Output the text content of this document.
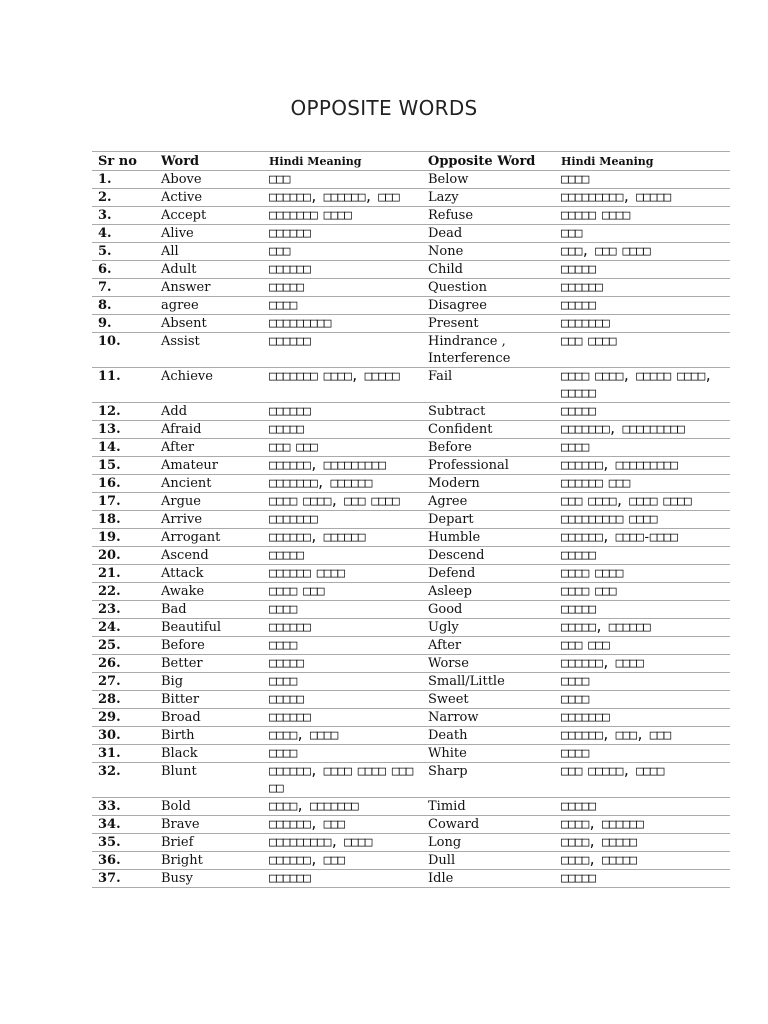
OPPOSITE WORDS
Sr no	Word	Hindi Meaning	Opposite Word	Hindi Meaning
1.	Above	□□□	Below	□□□□
2.	Active	□□□□□□, □□□□□□, □□□	Lazy	□□□□□□□□□, □□□□□
3.	Accept	□□□□□□□ □□□□	Refuse	□□□□□ □□□□
4.	Alive	□□□□□□	Dead	□□□
5.	All	□□□	None	□□□, □□□ □□□□
6.	Adult	□□□□□□	Child	□□□□□
7.	Answer	□□□□□	Question	□□□□□□
8.	agree	□□□□	Disagree	□□□□□
9.	Absent	□□□□□□□□□	Present	□□□□□□□
10.	Assist	□□□□□□	Hindrance , Interference	□□□ □□□□
11.	Achieve	□□□□□□□ □□□□, □□□□□	Fail	□□□□ □□□□, □□□□□ □□□□, □□□□□
12.	Add	□□□□□□	Subtract	□□□□□
13.	Afraid	□□□□□	Confident	□□□□□□□, □□□□□□□□□
14.	After	□□□ □□□	Before	□□□□
15.	Amateur	□□□□□□, □□□□□□□□□	Professional	□□□□□□, □□□□□□□□□
16.	Ancient	□□□□□□□, □□□□□□	Modern	□□□□□□ □□□
17.	Argue	□□□□ □□□□, □□□ □□□□	Agree	□□□ □□□□, □□□□ □□□□
18.	Arrive	□□□□□□□	Depart	□□□□□□□□□ □□□□
19.	Arrogant	□□□□□□, □□□□□□	Humble	□□□□□□, □□□□-□□□□
20.	Ascend	□□□□□	Descend	□□□□□
21.	Attack	□□□□□□ □□□□	Defend	□□□□ □□□□
22.	Awake	□□□□ □□□	Asleep	□□□□ □□□
23.	Bad	□□□□	Good	□□□□□
24.	Beautiful	□□□□□□	Ugly	□□□□□, □□□□□□
25.	Before	□□□□	After	□□□ □□□
26.	Better	□□□□□	Worse	□□□□□□, □□□□
27.	Big	□□□□	Small/Little	□□□□
28.	Bitter	□□□□□	Sweet	□□□□
29.	Broad	□□□□□□	Narrow	□□□□□□□
30.	Birth	□□□□, □□□□	Death	□□□□□□, □□□, □□□
31.	Black	□□□□	White	□□□□
32.	Blunt	□□□□□□, □□□□ □□□□ □□□ □□	Sharp	□□□ □□□□□, □□□□
33.	Bold	□□□□, □□□□□□□	Timid	□□□□□
34.	Brave	□□□□□□, □□□	Coward	□□□□, □□□□□□
35.	Brief	□□□□□□□□□, □□□□	Long	□□□□, □□□□□
36.	Bright	□□□□□□, □□□	Dull	□□□□, □□□□□
37.	Busy	□□□□□□	Idle	□□□□□
